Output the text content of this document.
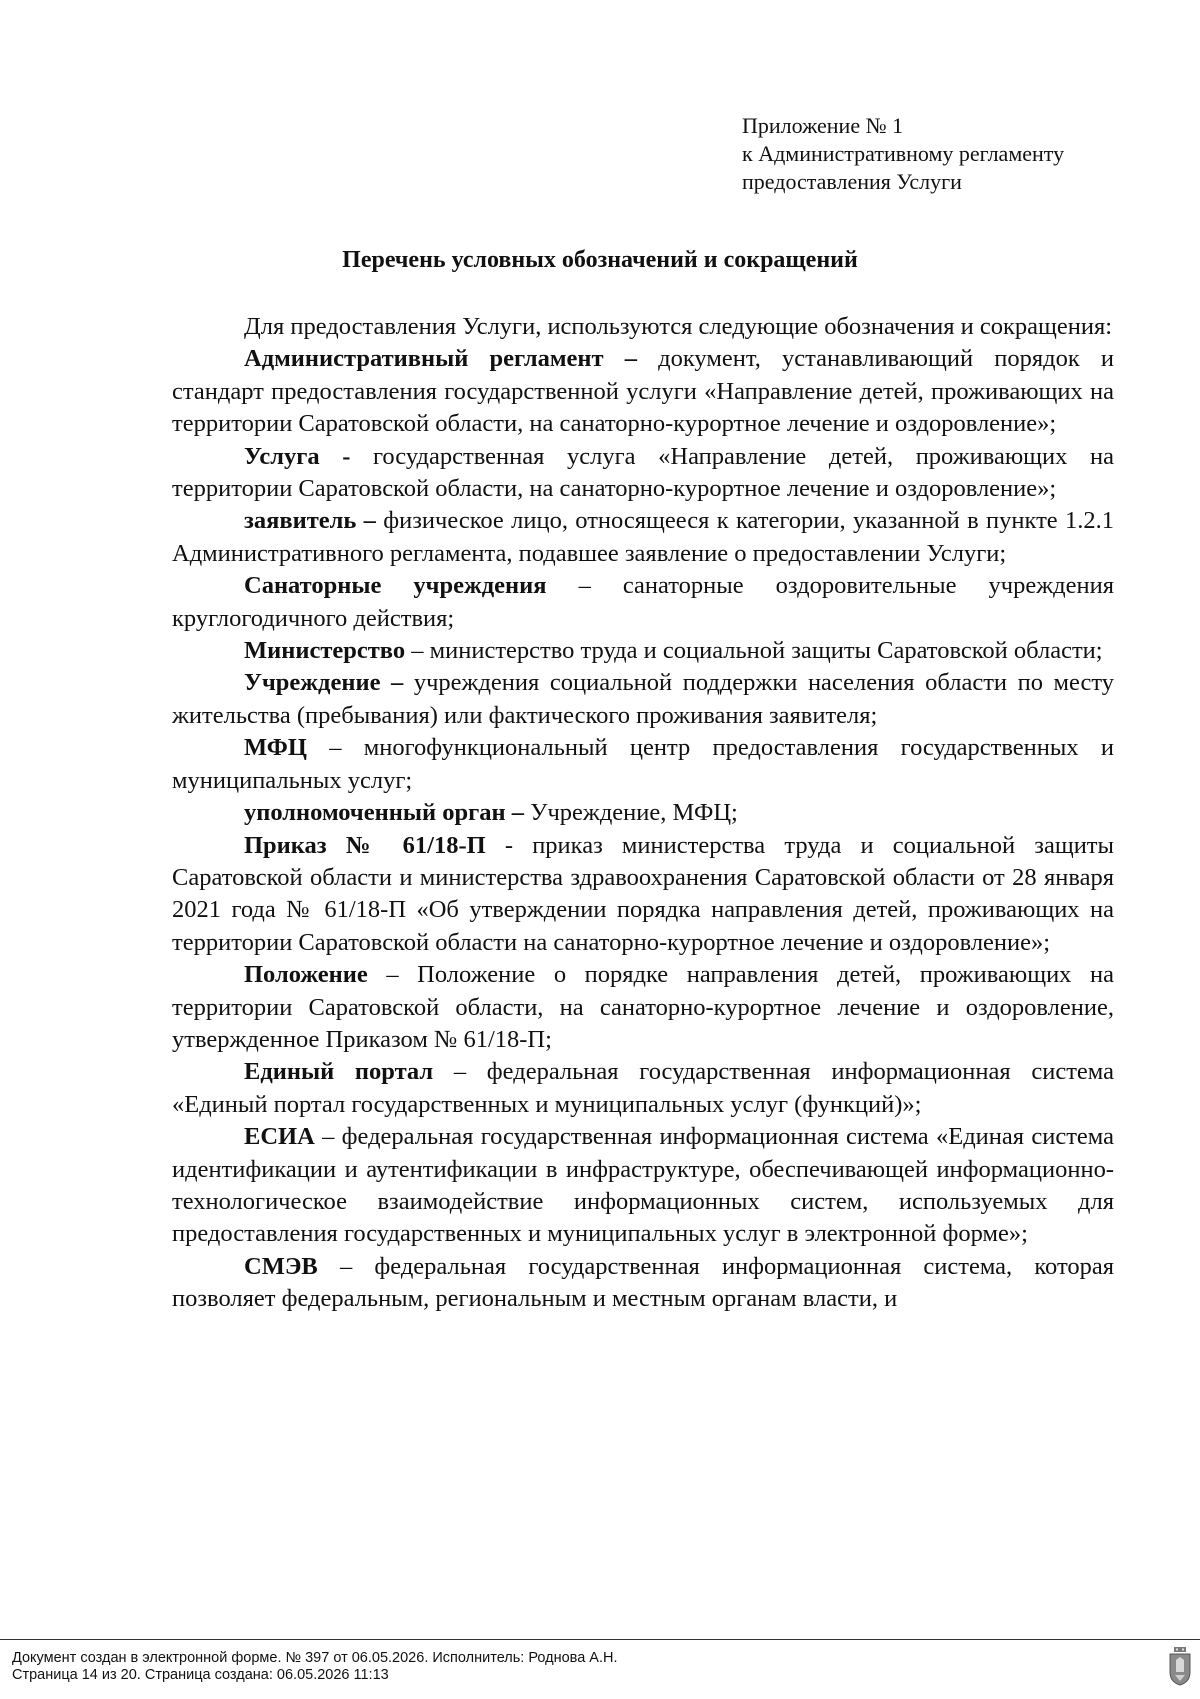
Приложение № 1
к Административному регламенту
предоставления Услуги
Перечень условных обозначений и сокращений

Для предоставления Услуги, используются следующие обозначения и сокращения:

Административный регламент – документ, устанавливающий порядок и стандарт предоставления государственной услуги «Направление детей, проживающих на территории Саратовской области, на санаторно-курортное лечение и оздоровление»;

Услуга - государственная услуга «Направление детей, проживающих на территории Саратовской области, на санаторно-курортное лечение и оздоровление»;

заявитель – физическое лицо, относящееся к категории, указанной в пункте 1.2.1 Административного регламента, подавшее заявление о предоставлении Услуги;

Санаторные учреждения – санаторные оздоровительные учреждения круглогодичного действия;

Министерство – министерство труда и социальной защиты Саратовской области;

Учреждение – учреждения социальной поддержки населения области по месту жительства (пребывания) или фактического проживания заявителя;

МФЦ – многофункциональный центр предоставления государственных и муниципальных услуг;

уполномоченный орган – Учреждение, МФЦ;

Приказ № 61/18-П - приказ министерства труда и социальной защиты Саратовской области и министерства здравоохранения Саратовской области от 28 января 2021 года № 61/18-П «Об утверждении порядка направления детей, проживающих на территории Саратовской области на санаторно-курортное лечение и оздоровление»;

Положение – Положение о порядке направления детей, проживающих на территории Саратовской области, на санаторно-курортное лечение и оздоровление, утвержденное Приказом № 61/18-П;

Единый портал – федеральная государственная информационная система «Единый портал государственных и муниципальных услуг (функций)»;

ЕСИА – федеральная государственная информационная система «Единая система идентификации и аутентификации в инфраструктуре, обеспечивающей информационно-технологическое взаимодействие информационных систем, используемых для предоставления государственных и муниципальных услуг в электронной форме»;

СМЭВ – федеральная государственная информационная система, которая позволяет федеральным, региональным и местным органам власти, и

Документ создан в электронной форме. № 397 от 06.05.2026. Исполнитель: Роднова А.Н.
Страница 14 из 20. Страница создана: 06.05.2026 11:13
